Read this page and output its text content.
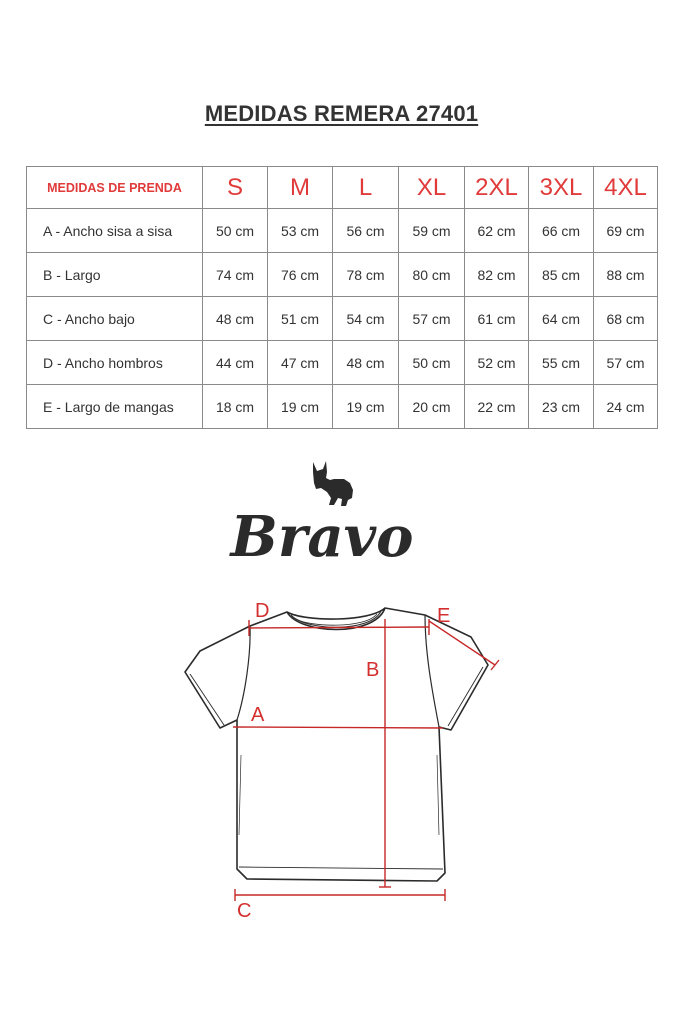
MEDIDAS REMERA 27401
MEDIDAS DE PRENDA	S	M	L	XL	2XL	3XL	4XL
A - Ancho sisa a sisa	50 cm	53 cm	56 cm	59 cm	62 cm	66 cm	69 cm
B - Largo	74 cm	76 cm	78 cm	80 cm	82 cm	85 cm	88 cm
C - Ancho bajo	48 cm	51 cm	54 cm	57 cm	61 cm	64 cm	68 cm
D - Ancho hombros	44 cm	47 cm	48 cm	50 cm	52 cm	55 cm	57 cm
E - Largo de mangas	18 cm	19 cm	19 cm	20 cm	22 cm	23 cm	24 cm
Bravo
D	E
B
A
C
